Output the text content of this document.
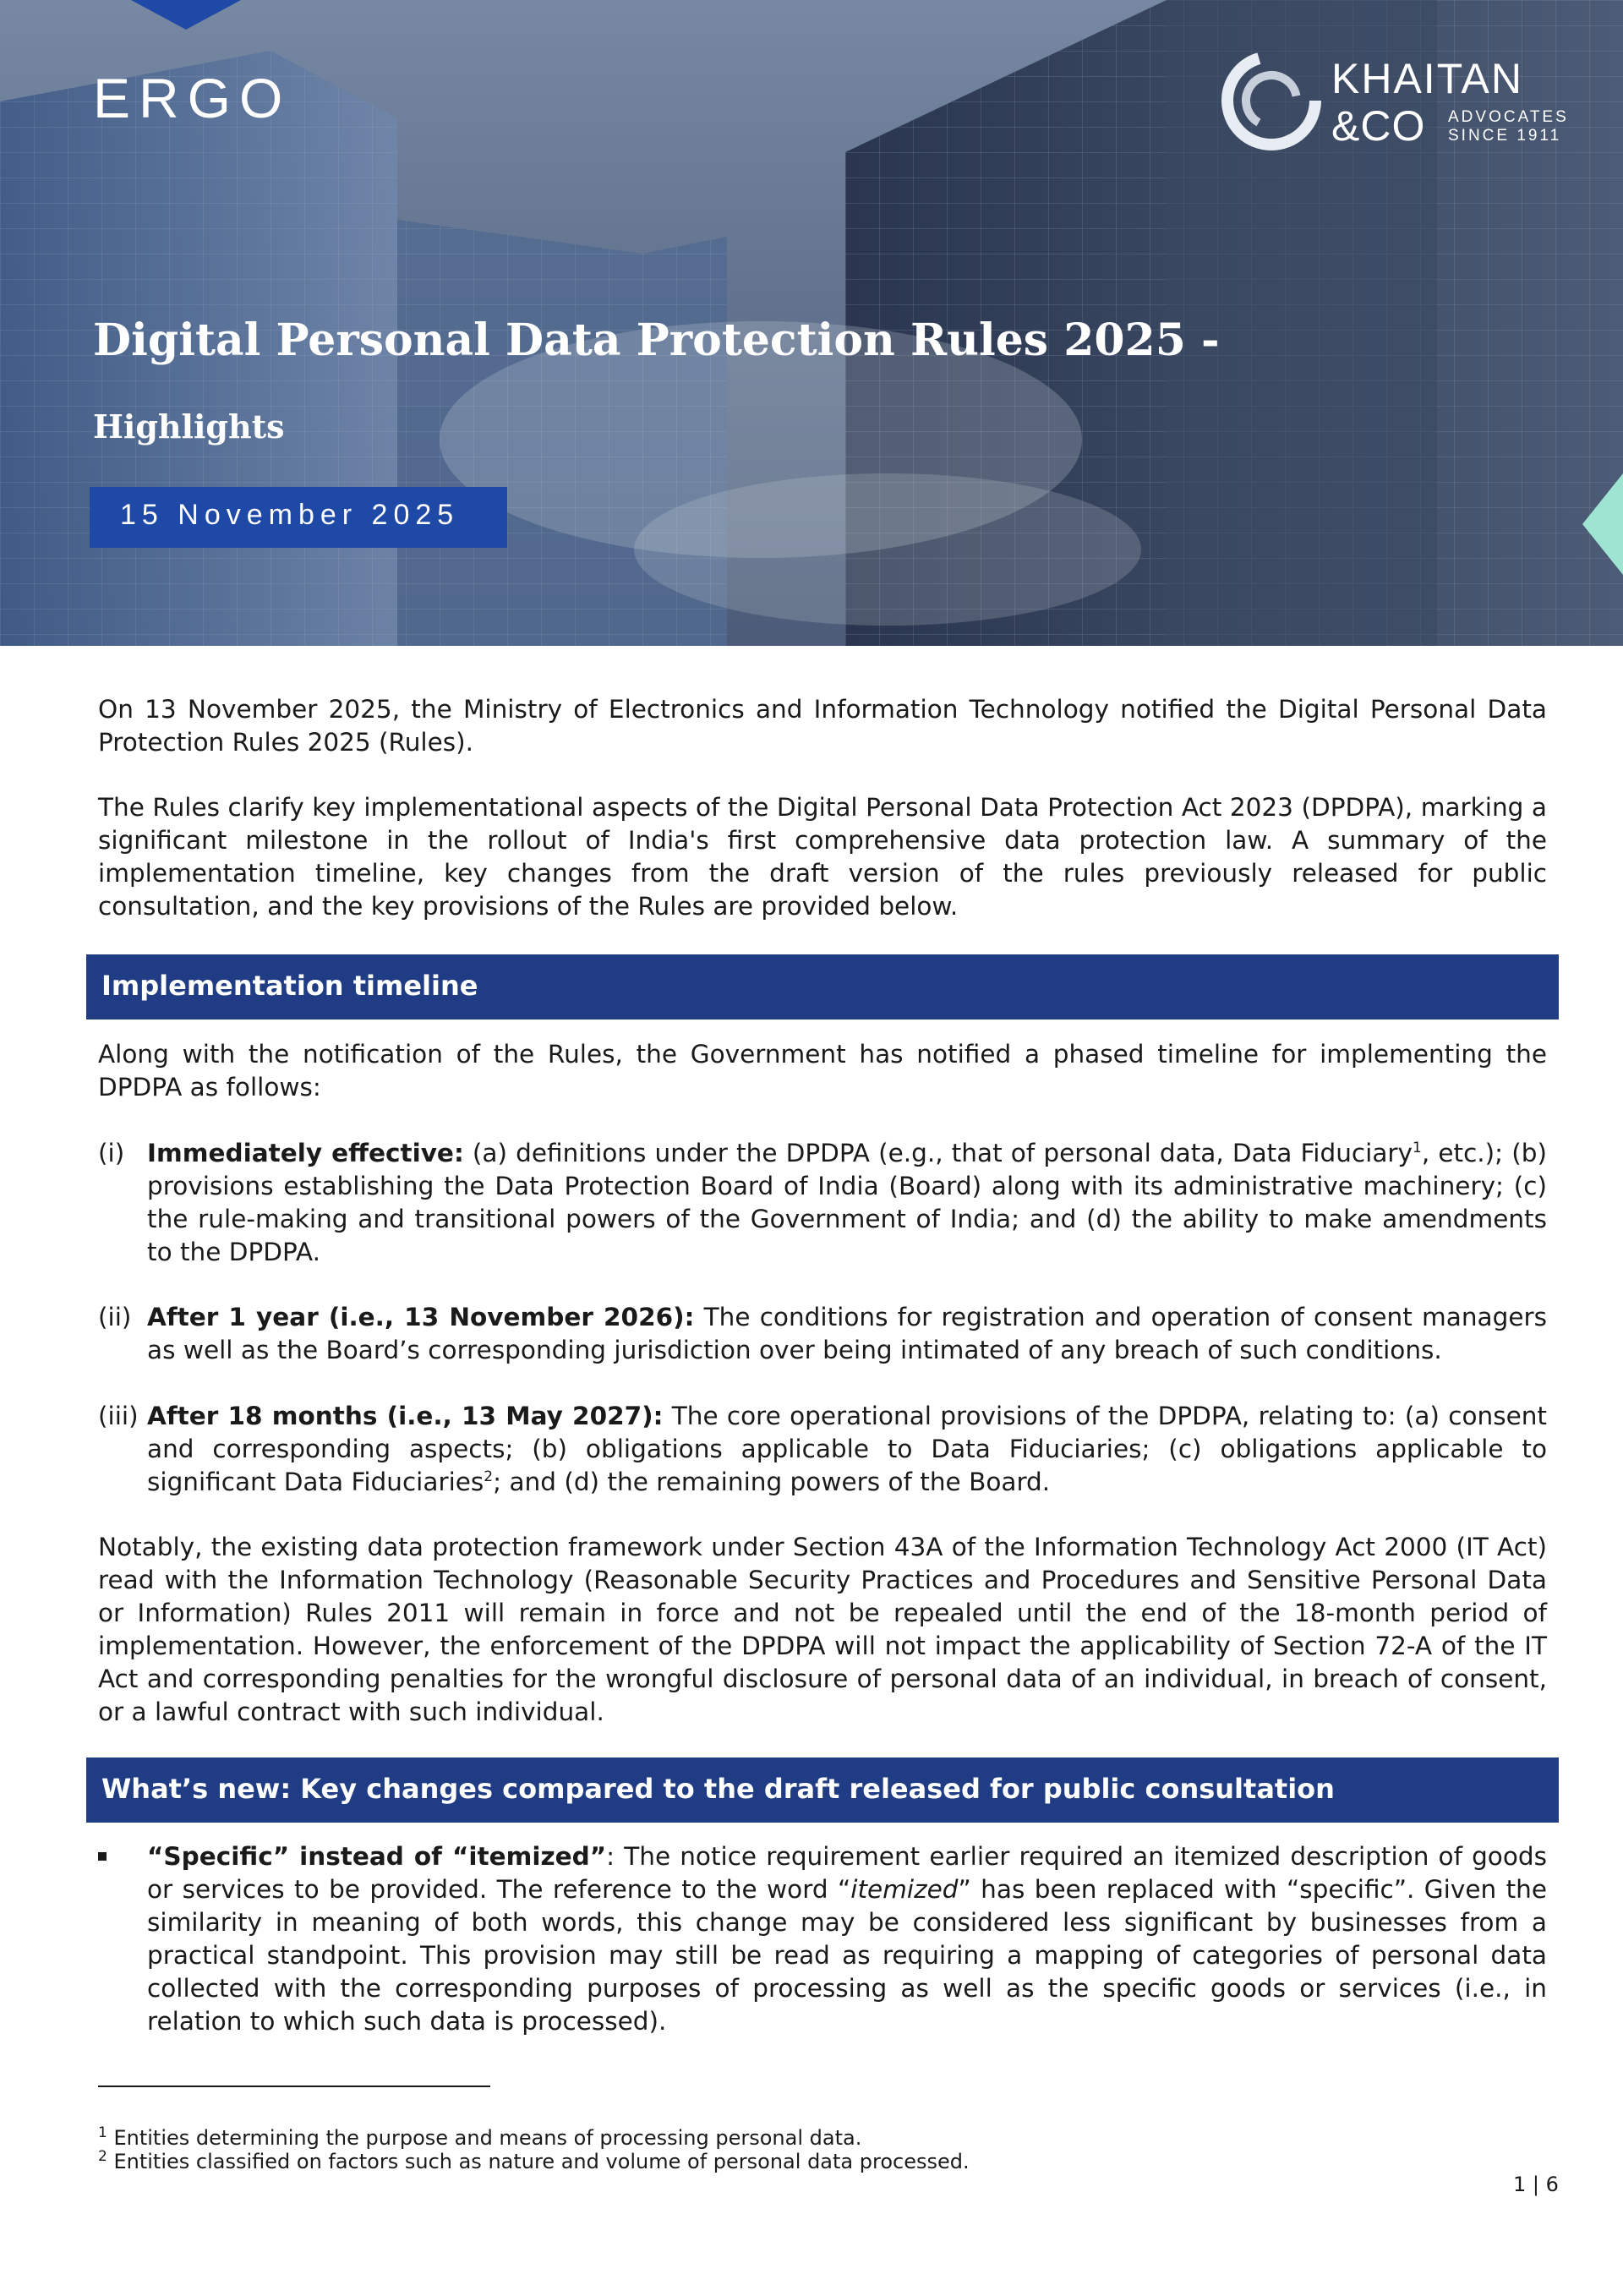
ERGO	KHAITAN
&CO ADVOCATES
SINCE 1911
Digital Personal Data Protection Rules 2025 -
Highlights
15 November 2025

On 13 November 2025, the Ministry of Electronics and Information Technology notified the Digital Personal Data Protection Rules 2025 (Rules).

The Rules clarify key implementational aspects of the Digital Personal Data Protection Act 2023 (DPDPA), marking a significant milestone in the rollout of India's first comprehensive data protection law. A summary of the implementation timeline, key changes from the draft version of the rules previously released for public consultation, and the key provisions of the Rules are provided below.

Implementation timeline

Along with the notification of the Rules, the Government has notified a phased timeline for implementing the DPDPA as follows:

(i) Immediately effective: (a) definitions under the DPDPA (e.g., that of personal data, Data Fiduciary$^1$, etc.); (b) provisions establishing the Data Protection Board of India (Board) along with its administrative machinery; (c) the rule-making and transitional powers of the Government of India; and (d) the ability to make amendments to the DPDPA.
(ii) After 1 year (i.e., 13 November 2026): The conditions for registration and operation of consent managers as well as the Board’s corresponding jurisdiction over being intimated of any breach of such conditions.
(iii) After 18 months (i.e., 13 May 2027): The core operational provisions of the DPDPA, relating to: (a) consent and corresponding aspects; (b) obligations applicable to Data Fiduciaries; (c) obligations applicable to significant Data Fiduciaries$^2$; and (d) the remaining powers of the Board.

Notably, the existing data protection framework under Section 43A of the Information Technology Act 2000 (IT Act) read with the Information Technology (Reasonable Security Practices and Procedures and Sensitive Personal Data or Information) Rules 2011 will remain in force and not be repealed until the end of the 18-month period of implementation. However, the enforcement of the DPDPA will not impact the applicability of Section 72-A of the IT Act and corresponding penalties for the wrongful disclosure of personal data of an individual, in breach of consent, or a lawful contract with such individual.

What’s new: Key changes compared to the draft released for public consultation
“Specific” instead of “itemized”: The notice requirement earlier required an itemized description of goods or services to be provided. The reference to the word “itemized” has been replaced with “specific”. Given the similarity in meaning of both words, this change may be considered less significant by businesses from a practical standpoint. This provision may still be read as requiring a mapping of categories of personal data collected with the corresponding purposes of processing as well as the specific goods or services (i.e., in relation to which such data is processed).
$^1$ Entities determining the purpose and means of processing personal data.
$^2$ Entities classified on factors such as nature and volume of personal data processed.
1 | 6
